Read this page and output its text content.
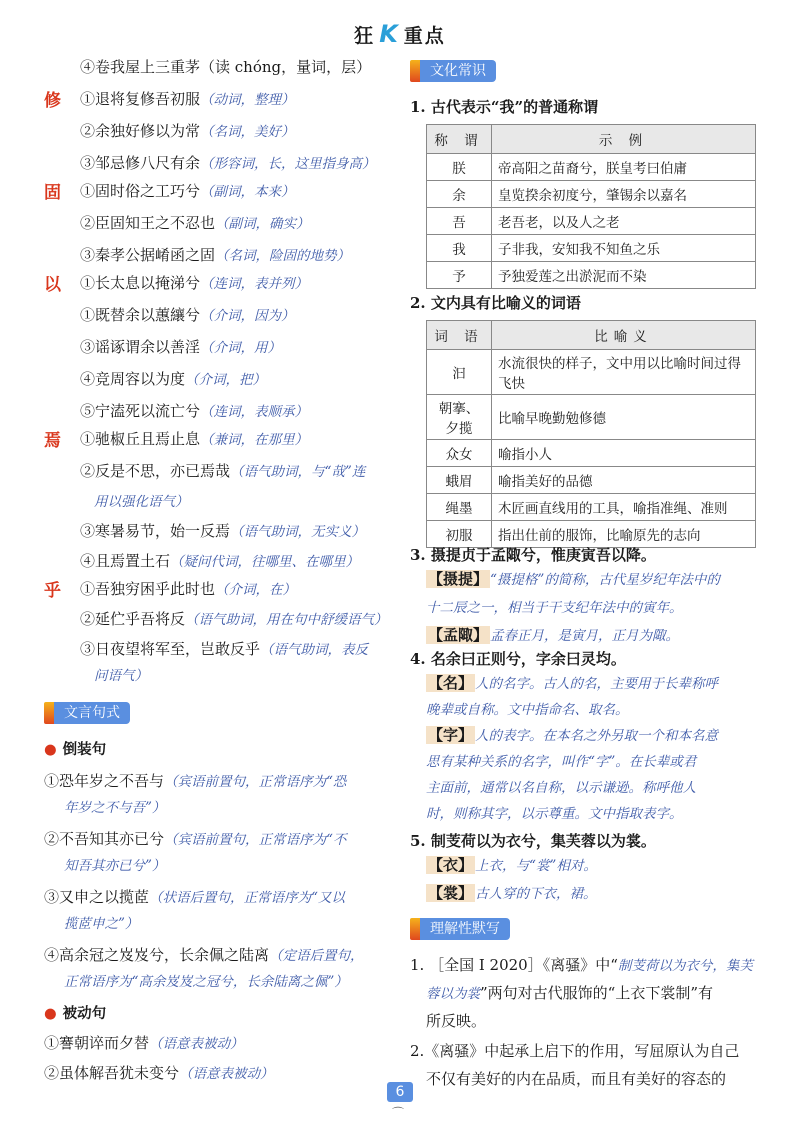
狂 K 重点
④卷我屋上三重茅（读 chóng，量词，层）
修 ①退将复修吾初服（动词，整理）
②余独好修以为常（名词，美好）
③邹忌修八尺有余（形容词，长，这里指身高）
固 ①固时俗之工巧兮（副词，本来）
②臣固知王之不忍也（副词，确实）
③秦孝公据崤函之固（名词，险固的地势）
以 ①长太息以掩涕兮（连词，表并列）
①既替余以蕙纕兮（介词，因为）
③谣诼谓余以善淫（介词，用）
④竞周容以为度（介词，把）
⑤宁溘死以流亡兮（连词，表顺承）
焉 ①驰椒丘且焉止息（兼词，在那里）
②反是不思，亦已焉哉（语气助词，与“哉”连
用以强化语气）
③寒暑易节，始一反焉（语气助词，无实义）
④且焉置土石（疑问代词，往哪里、在哪里）
乎 ①吾独穷困乎此时也（介词，在）
②延伫乎吾将反（语气助词，用在句中舒缓语气）
③日夜望将军至，岂敢反乎（语气助词，表反
问语气）
文言句式
● 倒装句
①恐年岁之不吾与（宾语前置句，正常语序为“恐
年岁之不与吾”）
②不吾知其亦已兮（宾语前置句，正常语序为“不
知吾其亦已兮”）
③又申之以揽茝（状语后置句，正常语序为“又以
揽茝申之”）
④高余冠之岌岌兮，长余佩之陆离（定语后置句，
正常语序为“高余岌岌之冠兮，长余陆离之佩”）
● 被动句
①謇朝谇而夕替（语意表被动）
②虽体解吾犹未变兮（语意表被动）
文化常识
1. 古代表示“我”的普通称谓
称 谓	示 例
朕	帝高阳之苗裔兮，朕皇考曰伯庸
余	皇览揆余初度兮，肇锡余以嘉名
吾	老吾老，以及人之老
我	子非我，安知我不知鱼之乐
予	予独爱莲之出淤泥而不染
2. 文内具有比喻义的词语
词 语	比喻义
汩	水流很快的样子，文中用以比喻时间过得飞快
朝搴、夕揽	比喻早晚勤勉修德
众女	喻指小人
蛾眉	喻指美好的品德
绳墨	木匠画直线用的工具，喻指准绳、准则
初服	指出仕前的服饰，比喻原先的志向
3. 摄提贞于孟陬兮，惟庚寅吾以降。
【摄提】 “摄提格”的简称，古代星岁纪年法中的
十二辰之一，相当于干支纪年法中的寅年。
【孟陬】 孟春正月，是寅月，正月为陬。
4. 名余曰正则兮，字余曰灵均。
【名】 人的名字。古人的名，主要用于长辈称呼
晚辈或自称。文中指命名、取名。
【字】 人的表字。在本名之外另取一个和本名意
思有某种关系的名字，叫作“字”。在长辈或君
主面前，通常以名自称，以示谦逊。称呼他人
时，则称其字，以示尊重。文中指取表字。
5. 制芰荷以为衣兮，集芙蓉以为裳。
【衣】 上衣，与“裳”相对。
【裳】 古人穿的下衣，裙。
理解性默写
1. ［全国 Ⅰ 2020］《离骚》中“制芰荷以为衣兮，集芙
蓉以为裳”两句对古代服饰的“上衣下裳制”有
所反映。
2.《离骚》中起承上启下的作用，写屈原认为自己
不仅有美好的内在品质，而且有美好的容态的
6
⌒
